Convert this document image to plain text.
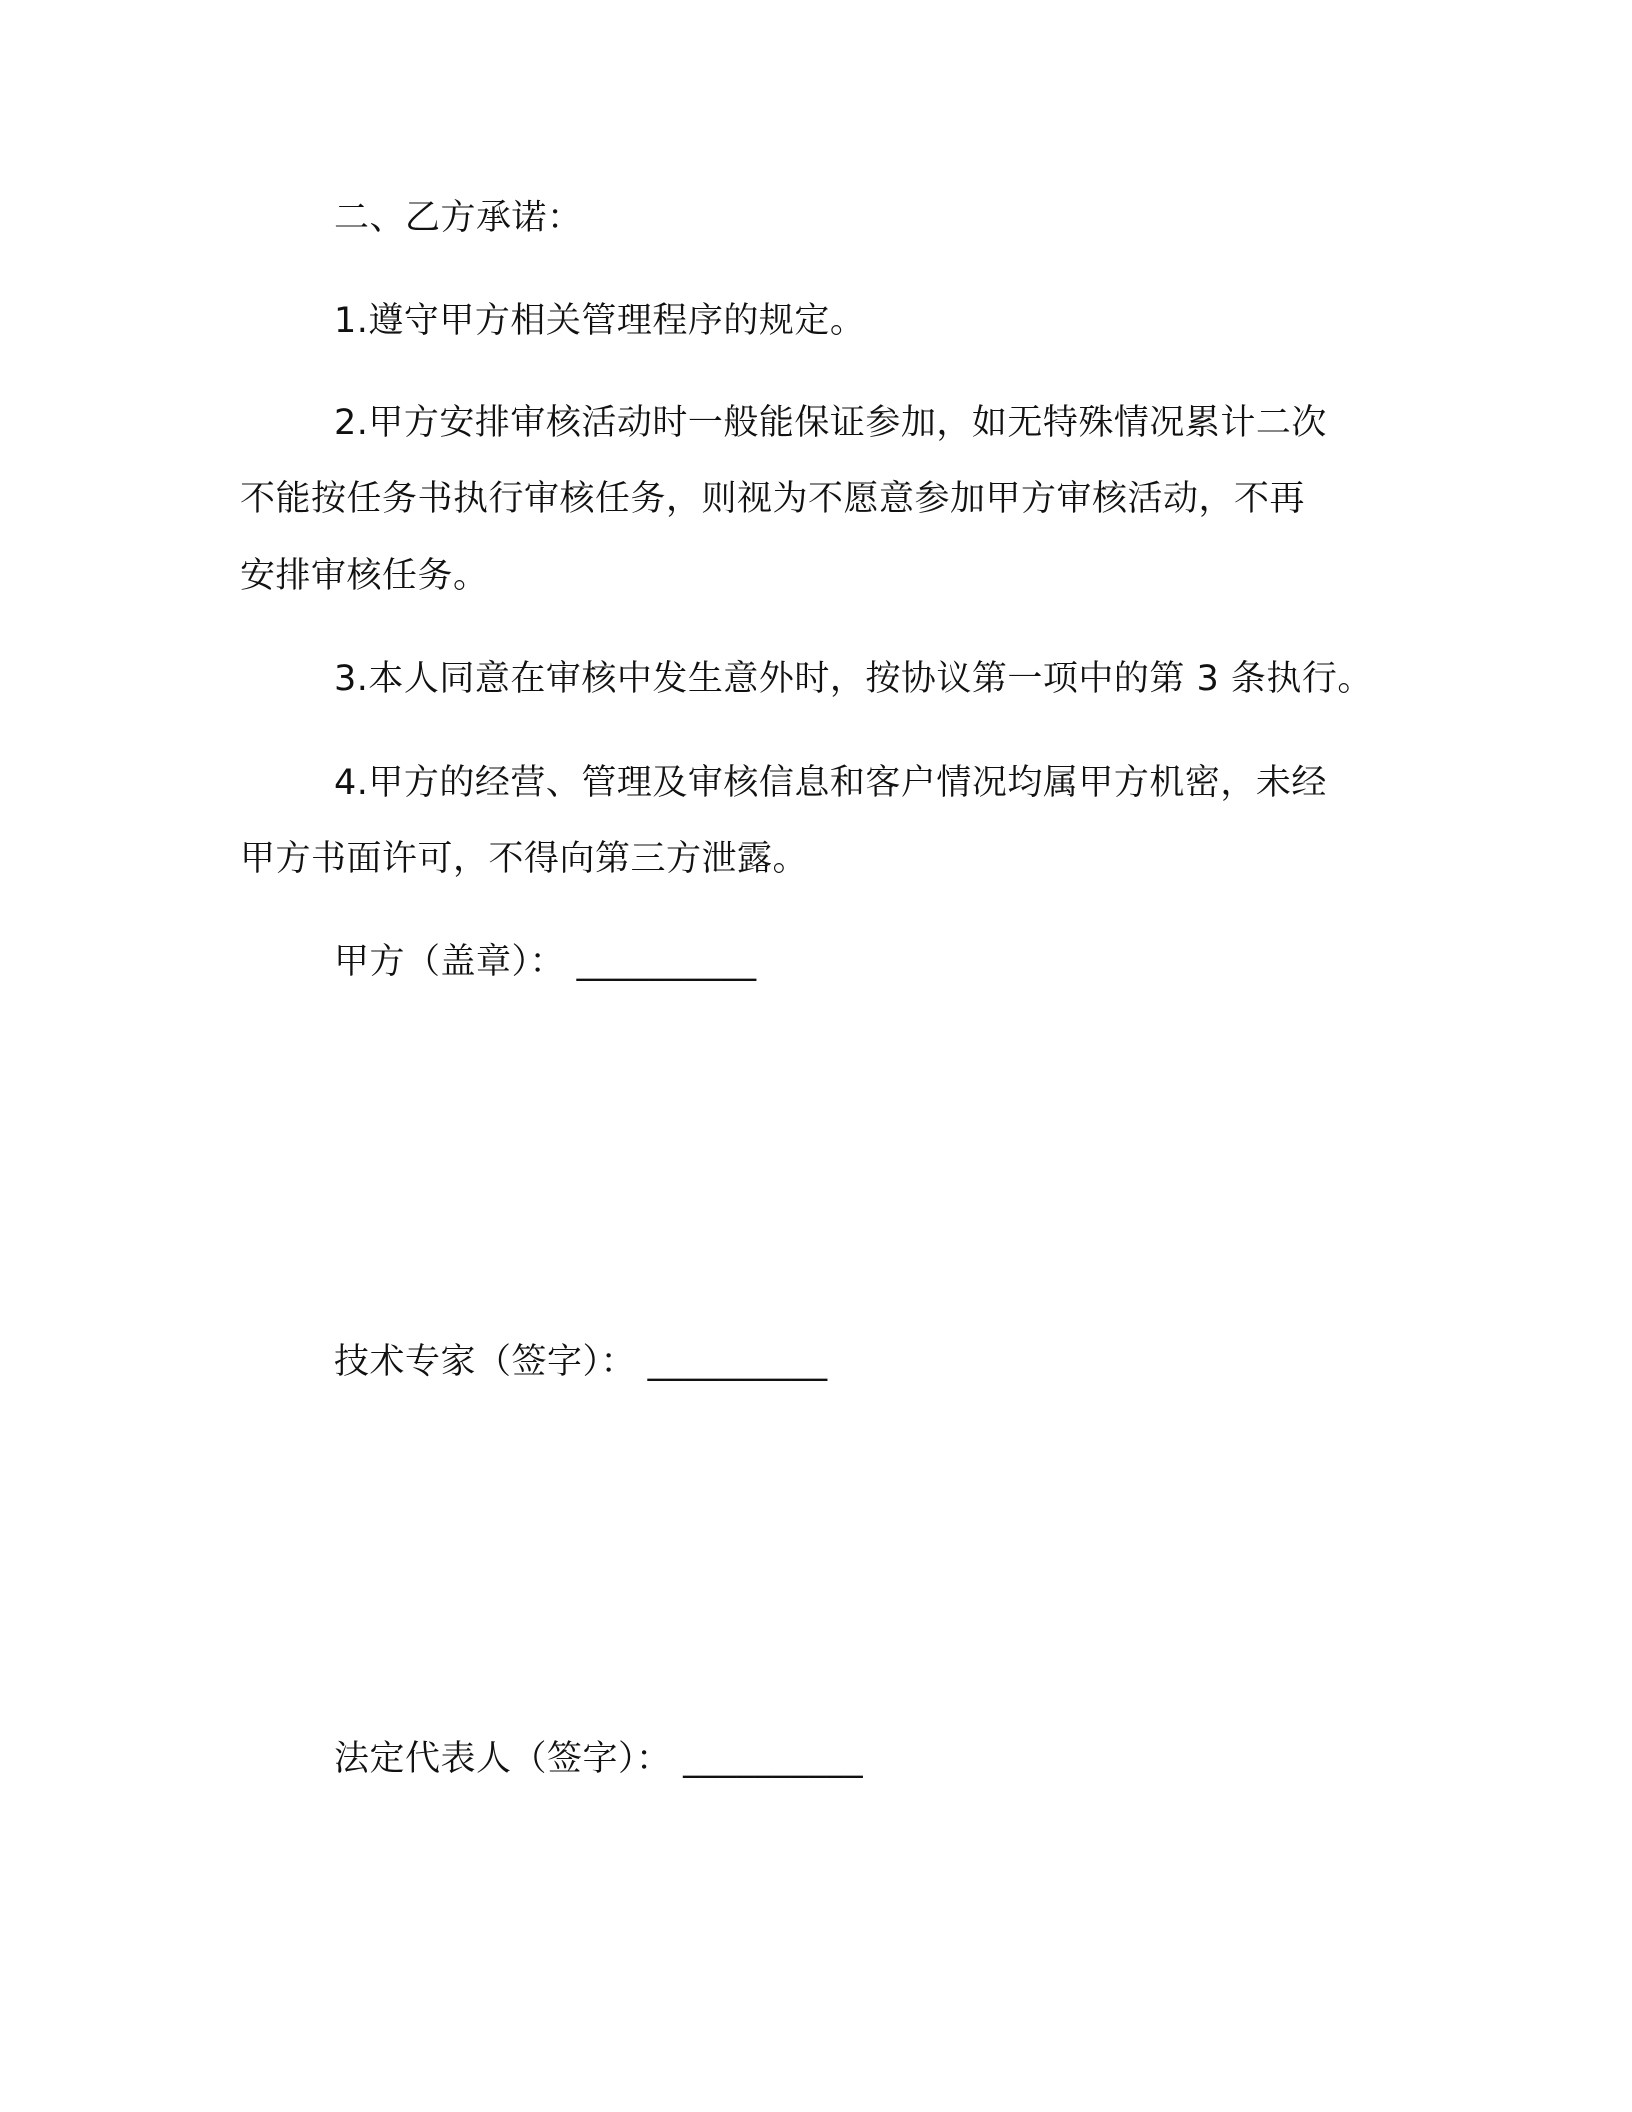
二、乙方承诺：

1.遵守甲方相关管理程序的规定。

2.甲方安排审核活动时一般能保证参加，如无特殊情况累计二次

不能按任务书执行审核任务，则视为不愿意参加甲方审核活动，不再

安排审核任务。

3.本人同意在审核中发生意外时，按协议第一项中的第 3 条执行。

4.甲方的经营、管理及审核信息和客户情况均属甲方机密，未经

甲方书面许可，不得向第三方泄露。

甲方（盖章）： __________

技术专家（签字）： __________

法定代表人（签字）： __________
